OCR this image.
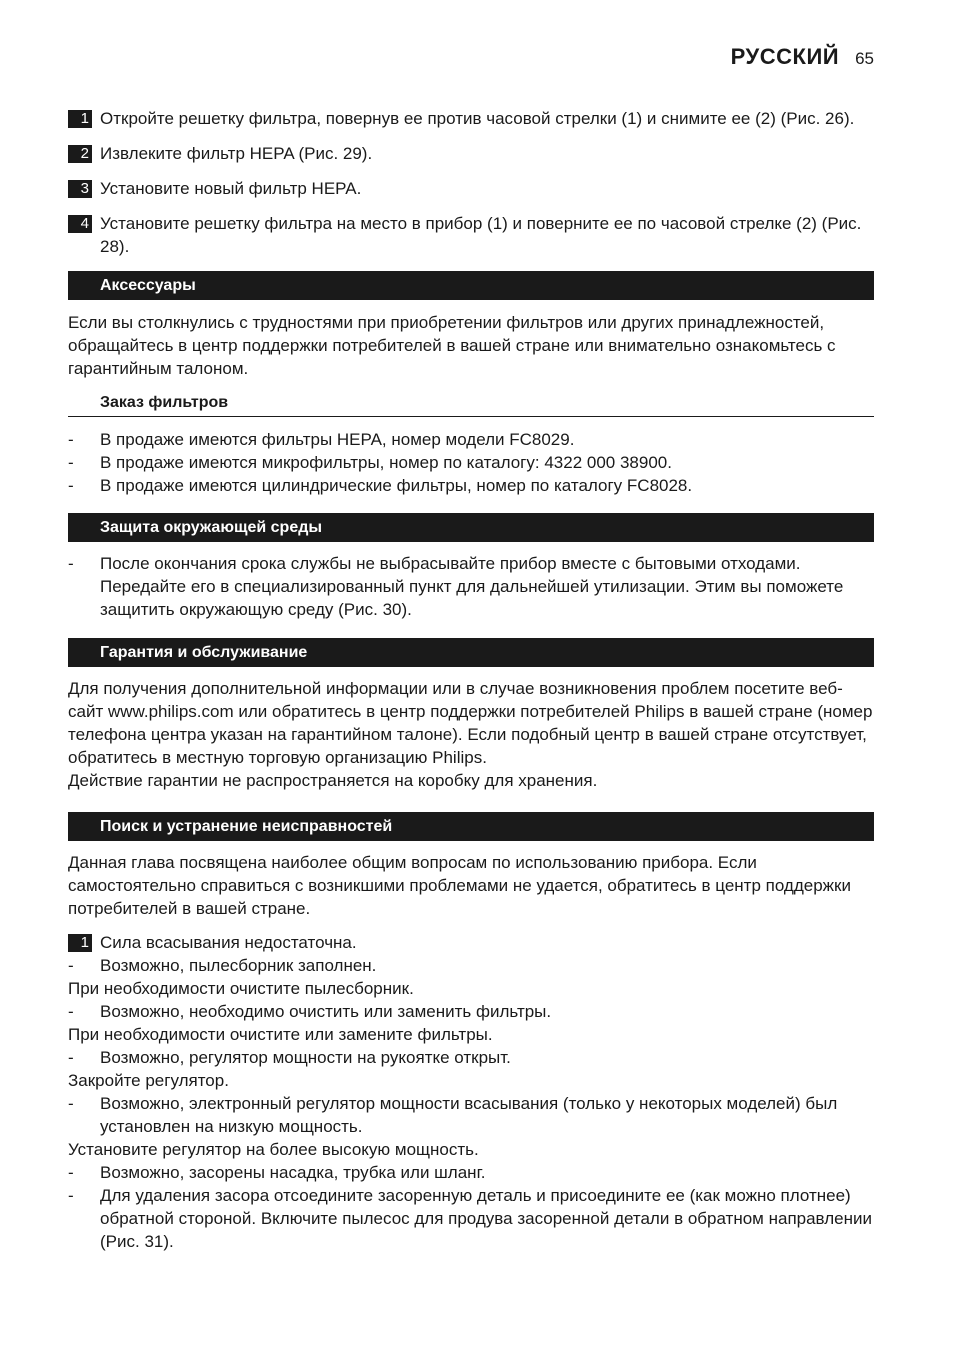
РУССКИЙ 65
1 Откройте решетку фильтра, повернув ее против часовой стрелки (1) и снимите ее (2) (Рис. 26).
2 Извлеките фильтр HEPA (Рис. 29).
3 Установите новый фильтр HEPA.
4 Установите решетку фильтра на место в прибор (1) и поверните ее по часовой стрелке (2) (Рис. 28).
Аксессуары
Если вы столкнулись с трудностями при приобретении фильтров или других принадлежностей, обращайтесь в центр поддержки потребителей в вашей стране или внимательно ознакомьтесь с гарантийным талоном.
Заказ фильтров
- В продаже имеются фильтры HEPA, номер модели FC8029.
- В продаже имеются микрофильтры, номер по каталогу: 4322 000 38900.
- В продаже имеются цилиндрические фильтры, номер по каталогу FC8028.
Защита окружающей среды
- После окончания срока службы не выбрасывайте прибор вместе с бытовыми отходами. Передайте его в специализированный пункт для дальнейшей утилизации. Этим вы поможете защитить окружающую среду (Рис. 30).
Гарантия и обслуживание
Для получения дополнительной информации или в случае возникновения проблем посетите веб-сайт www.philips.com или обратитесь в центр поддержки потребителей Philips в вашей стране (номер телефона центра указан на гарантийном талоне). Если подобный центр в вашей стране отсутствует, обратитесь в местную торговую организацию Philips.
Действие гарантии не распространяется на коробку для хранения.
Поиск и устранение неисправностей
Данная глава посвящена наиболее общим вопросам по использованию прибора. Если самостоятельно справиться с возникшими проблемами не удается, обратитесь в центр поддержки потребителей в вашей стране.
1 Сила всасывания недостаточна.
- Возможно, пылесборник заполнен.
При необходимости очистите пылесборник.
- Возможно, необходимо очистить или заменить фильтры.
При необходимости очистите или замените фильтры.
- Возможно, регулятор мощности на рукоятке открыт.
Закройте регулятор.
- Возможно, электронный регулятор мощности всасывания (только у некоторых моделей) был установлен на низкую мощность.
Установите регулятор на более высокую мощность.
- Возможно, засорены насадка, трубка или шланг.
- Для удаления засора отсоедините засоренную деталь и присоедините ее (как можно плотнее) обратной стороной. Включите пылесос для продува засоренной детали в обратном направлении (Рис. 31).
